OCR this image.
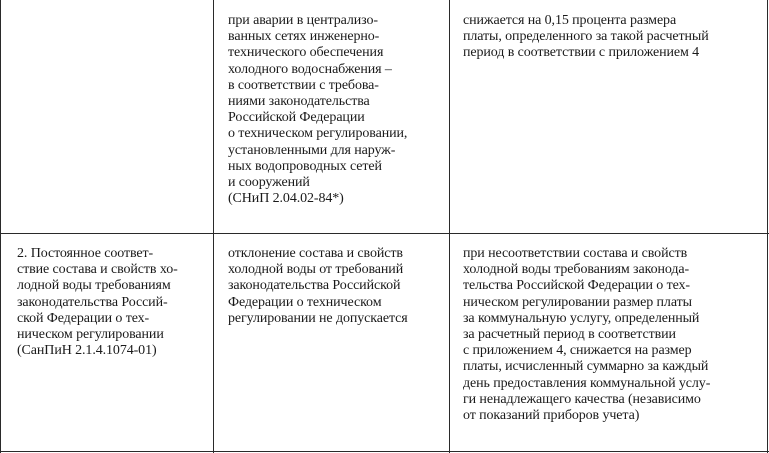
при аварии в централизо-
ванных сетях инженерно-
технического обеспечения
холодного водоснабжения –
в соответствии с требова-
ниями законодательства
Российской Федерации
о техническом регулировании,
установленными для наруж-
ных водопроводных сетей
и сооружений
(СНиП 2.04.02-84*)
снижается на 0,15 процента размера
платы, определенного за такой расчетный
период в соответствии с приложением 4
2. Постоянное соответ-
ствие состава и свойств хо-
лодной воды требованиям
законодательства Россий-
ской Федерации о тех-
ническом регулировании
(СанПиН 2.1.4.1074-01)
отклонение состава и свойств
холодной воды от требований
законодательства Российской
Федерации о техническом
регулировании не допускается
при несоответствии состава и свойств
холодной воды требованиям законода-
тельства Российской Федерации о тех-
ническом регулировании размер платы
за коммунальную услугу, определенный
за расчетный период в соответствии
с приложением 4, снижается на размер
платы, исчисленный суммарно за каждый
день предоставления коммунальной услу-
ги ненадлежащего качества (независимо
от показаний приборов учета)
